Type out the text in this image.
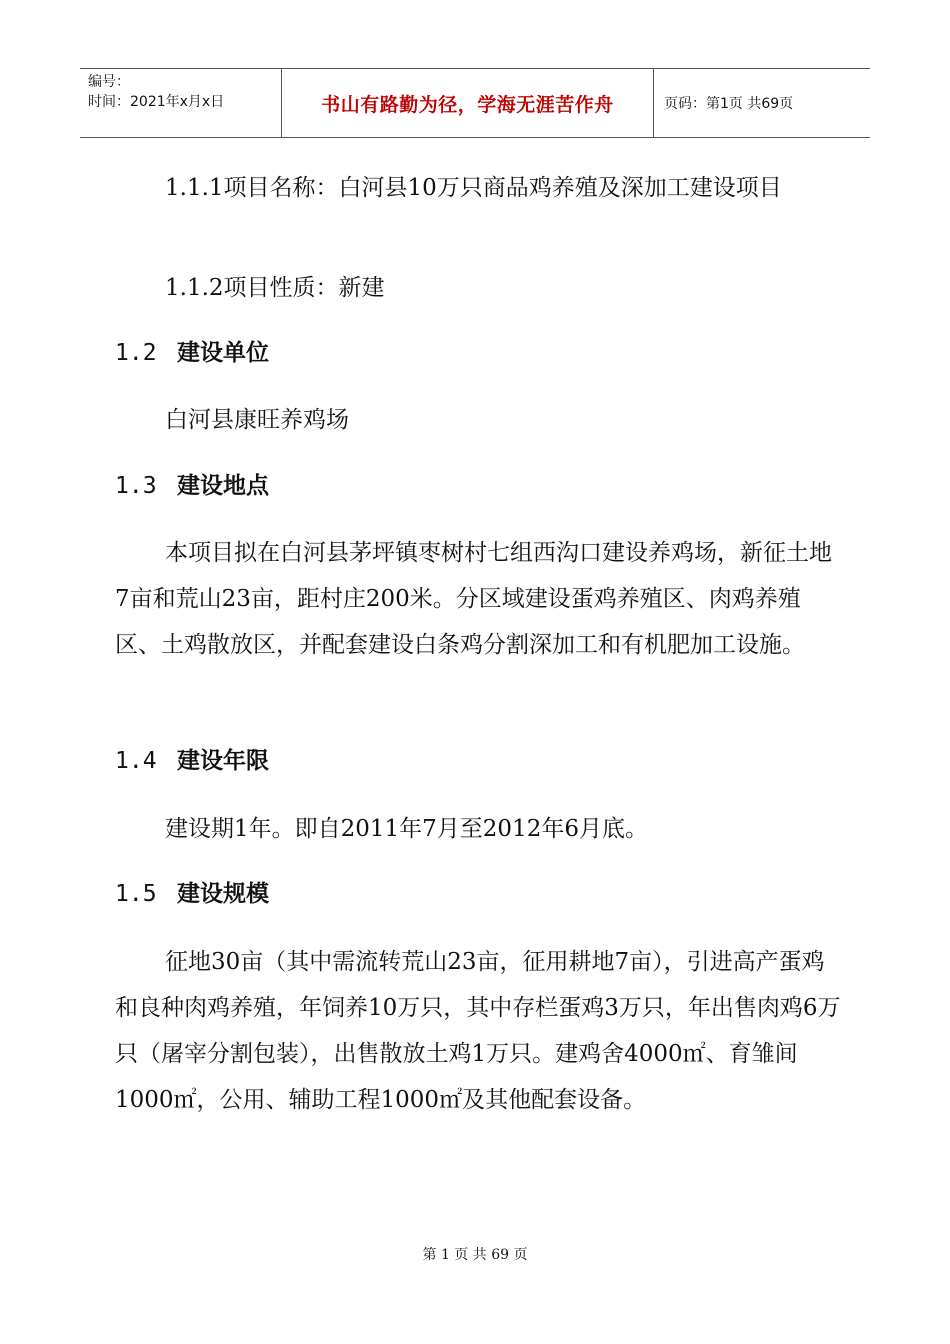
编号：
时间：2021年x月x日	书山有路勤为径，学海无涯苦作舟	页码：第1页 共69页

1.1.1项目名称：白河县10万只商品鸡养殖及深加工建设项目

1.1.2项目性质：新建

1.2 建设单位

白河县康旺养鸡场

1.3 建设地点

本项目拟在白河县茅坪镇枣树村七组西沟口建设养鸡场，新征土地7亩和荒山23亩，距村庄200米。分区域建设蛋鸡养殖区、肉鸡养殖区、土鸡散放区，并配套建设白条鸡分割深加工和有机肥加工设施。

1.4 建设年限

建设期1年。即自2011年7月至2012年6月底。

1.5 建设规模

征地30亩（其中需流转荒山23亩，征用耕地7亩），引进高产蛋鸡和良种肉鸡养殖，年饲养10万只，其中存栏蛋鸡3万只，年出售肉鸡6万只（屠宰分割包装），出售散放土鸡1万只。建鸡舍4000㎡、育雏间1000㎡，公用、辅助工程1000㎡及其他配套设备。

第 1 页 共 69 页
